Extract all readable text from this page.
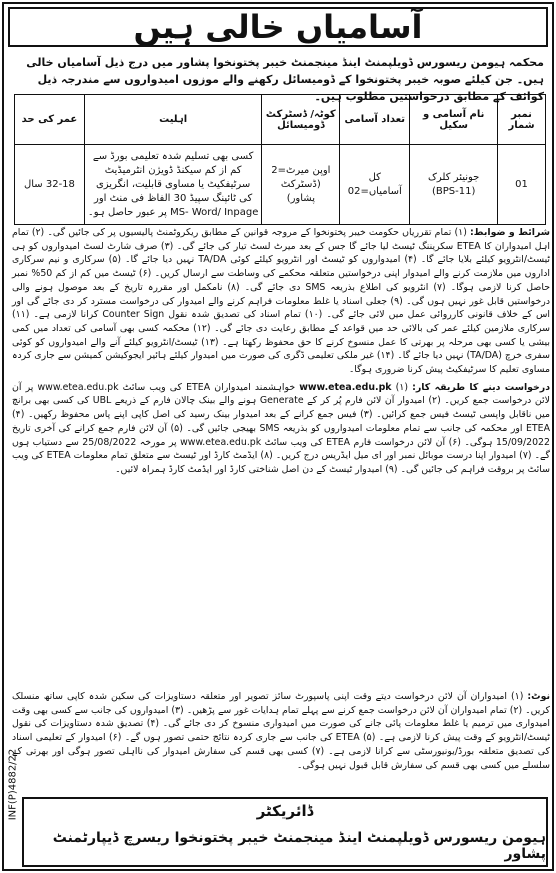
آسامیاں خالی ہیں
محکمہ ہیومن ریسورس ڈویلپمنٹ اینڈ مینجمنٹ خیبر پختونخوا پشاور میں درج ذیل آسامیاں خالی ہیں۔ جن کیلئے صوبہ خیبر پختونخوا کے ڈومیسائل رکھنے والے موزوں امیدواروں سے مندرجہ ذیل کوائف کے مطابق درخواستیں مطلوب ہیں۔
نمبر شمار	نام آسامی و سکیل	تعداد آسامی	کوٹہ/ ڈسٹرکٹ ڈومیسائل	اہلیت	عمر کی حد
01	جونیئر کلرک (BPS-11)	کل آسامیاں=02	اوپن میرٹ=2 (ڈسٹرکٹ پشاور)	کسی بھی تسلیم شدہ تعلیمی بورڈ سے کم از کم سیکنڈ ڈویژن انٹرمیڈیٹ سرٹیفکیٹ یا مساوی قابلیت، انگریزی کی ٹائپنگ سپیڈ 30 الفاظ فی منٹ اور MS- Word/ Inpage پر عبور حاصل ہو۔	32-18 سال

شرائط و ضوابط: (۱) تمام تقرریاں حکومت خیبر پختونخوا کے مروجہ قوانین کے مطابق ریکروٹمنٹ پالیسیوں پر کی جائیں گی۔ (۲) تمام اہل امیدواران کا ETEA سکریننگ ٹیسٹ لیا جائے گا جس کے بعد میرٹ لسٹ تیار کی جائے گی۔ (۳) صرف شارٹ لسٹ امیدواروں کو ہی ٹیسٹ/انٹرویو کیلئے بلایا جائے گا۔ (۴) امیدواروں کو ٹیسٹ اور انٹرویو کیلئے کوئی TA/DA نہیں دیا جائے گا۔ (۵) سرکاری و نیم سرکاری اداروں میں ملازمت کرنے والے امیدوار اپنی درخواستیں متعلقہ محکمے کی وساطت سے ارسال کریں۔ (۶) ٹیسٹ میں کم از کم 50% نمبر حاصل کرنا لازمی ہوگا۔ (۷) انٹرویو کی اطلاع بذریعہ SMS دی جائے گی۔ (۸) نامکمل اور مقررہ تاریخ کے بعد موصول ہونے والی درخواستیں قابل غور نہیں ہوں گی۔ (۹) جعلی اسناد یا غلط معلومات فراہم کرنے والے امیدوار کی درخواست مسترد کر دی جائے گی اور اس کے خلاف قانونی کارروائی عمل میں لائی جائے گی۔ (۱۰) تمام اسناد کی تصدیق شدہ نقول Counter Sign کرانا لازمی ہے۔ (۱۱) سرکاری ملازمین کیلئے عمر کی بالائی حد میں قواعد کے مطابق رعایت دی جائے گی۔ (۱۲) محکمہ کسی بھی آسامی کی تعداد میں کمی بیشی یا کسی بھی مرحلہ پر بھرتی کا عمل منسوخ کرنے کا حق محفوظ رکھتا ہے۔ (۱۳) ٹیسٹ/انٹرویو کیلئے آنے والے امیدواروں کو کوئی سفری خرچ (TA/DA) نہیں دیا جائے گا۔ (۱۴) غیر ملکی تعلیمی ڈگری کی صورت میں امیدوار کیلئے ہائیر ایجوکیشن کمیشن سے جاری کردہ مساوی تعلیم کا سرٹیفکیٹ پیش کرنا ضروری ہوگا۔

درخواست دینے کا طریقہ کار: www.etea.edu.pk (۱) خواہشمند امیدواران ETEA کی ویب سائٹ www.etea.edu.pk پر آن لائن درخواست جمع کریں۔ (۲) امیدوار آن لائن فارم پُر کر کے Generate ہونے والے بینک چالان فارم کے ذریعے UBL کی کسی بھی برانچ میں ناقابل واپسی ٹیسٹ فیس جمع کرائیں۔ (۳) فیس جمع کرانے کے بعد امیدوار بینک رسید کی اصل کاپی اپنے پاس محفوظ رکھیں۔ (۴) ETEA اور محکمہ کی جانب سے تمام معلومات امیدواروں کو بذریعہ SMS بھیجی جائیں گی۔ (۵) آن لائن فارم جمع کرانے کی آخری تاریخ 15/09/2022 ہوگی۔ (۶) آن لائن درخواست فارم ETEA کی ویب سائٹ www.etea.edu.pk پر مورخہ 25/08/2022 سے دستیاب ہوں گے۔ (۷) امیدوار اپنا درست موبائل نمبر اور ای میل ایڈریس درج کریں۔ (۸) ایڈمٹ کارڈ اور ٹیسٹ سے متعلق تمام معلومات ETEA کی ویب سائٹ پر بروقت فراہم کی جائیں گی۔ (۹) امیدوار ٹیسٹ کے دن اصل شناختی کارڈ اور ایڈمٹ کارڈ ہمراہ لائیں۔

نوٹ: (۱) امیدواران آن لائن درخواست دیتے وقت اپنی پاسپورٹ سائز تصویر اور متعلقہ دستاویزات کی سکین شدہ کاپی ساتھ منسلک کریں۔ (۲) تمام امیدواران آن لائن درخواست جمع کرنے سے پہلے تمام ہدایات غور سے پڑھیں۔ (۳) امیدواروں کی جانب سے کسی بھی وقت امیدواری میں ترمیم یا غلط معلومات پائی جانے کی صورت میں امیدواری منسوخ کر دی جائے گی۔ (۴) تصدیق شدہ دستاویزات کی نقول ٹیسٹ/انٹرویو کے وقت پیش کرنا لازمی ہے۔ (۵) ETEA کی جانب سے جاری کردہ نتائج حتمی تصور ہوں گے۔ (۶) امیدوار کے تعلیمی اسناد کی تصدیق متعلقہ بورڈ/یونیورسٹی سے کرانا لازمی ہے۔ (۷) کسی بھی قسم کی سفارش امیدوار کی نااہلی تصور ہوگی اور بھرتی کے سلسلے میں کسی بھی قسم کی سفارش قابل قبول نہیں ہوگی۔
INF(P)4882/22	ڈائریکٹر
ہیومن ریسورس ڈویلپمنٹ اینڈ مینجمنٹ خیبر پختونخوا ریسرچ ڈیپارٹمنٹ پشاور
